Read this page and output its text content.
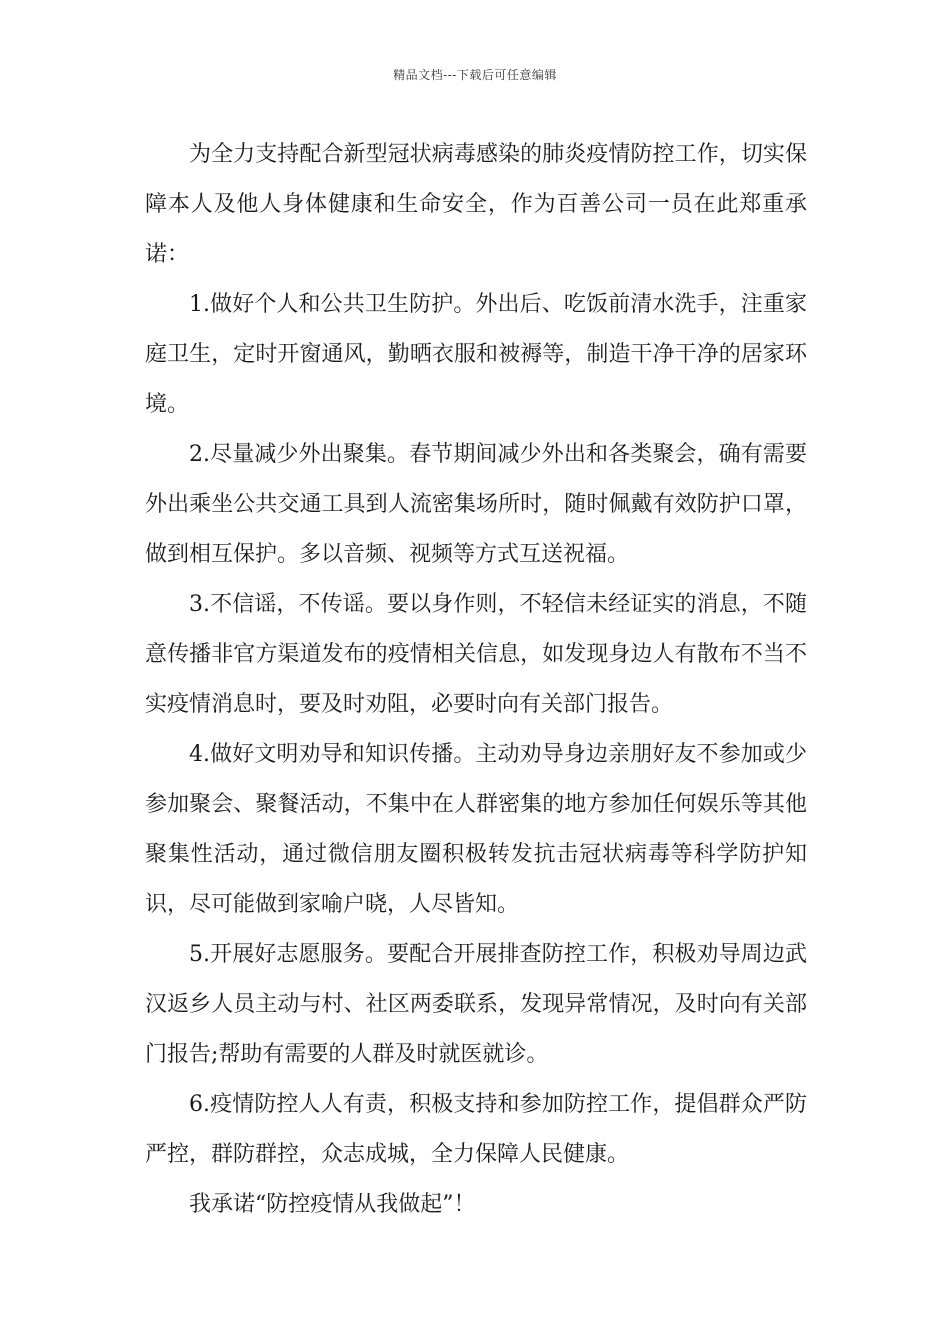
精品文档---下载后可任意编辑

为全力支持配合新型冠状病毒感染的肺炎疫情防控工作，切实保障本人及他人身体健康和生命安全，作为百善公司一员在此郑重承诺：

1.做好个人和公共卫生防护。外出后、吃饭前清水洗手，注重家庭卫生，定时开窗通风，勤晒衣服和被褥等，制造干净干净的居家环境。

2.尽量减少外出聚集。春节期间减少外出和各类聚会，确有需要外出乘坐公共交通工具到人流密集场所时，随时佩戴有效防护口罩，做到相互保护。多以音频、视频等方式互送祝福。

3.不信谣，不传谣。要以身作则，不轻信未经证实的消息，不随意传播非官方渠道发布的疫情相关信息，如发现身边人有散布不当不实疫情消息时，要及时劝阻，必要时向有关部门报告。

4.做好文明劝导和知识传播。主动劝导身边亲朋好友不参加或少参加聚会、聚餐活动，不集中在人群密集的地方参加任何娱乐等其他聚集性活动，通过微信朋友圈积极转发抗击冠状病毒等科学防护知识，尽可能做到家喻户晓，人尽皆知。

5.开展好志愿服务。要配合开展排查防控工作，积极劝导周边武汉返乡人员主动与村、社区两委联系，发现异常情况，及时向有关部门报告;帮助有需要的人群及时就医就诊。

6.疫情防控人人有责，积极支持和参加防控工作，提倡群众严防严控，群防群控，众志成城，全力保障人民健康。

我承诺“防控疫情从我做起”！
